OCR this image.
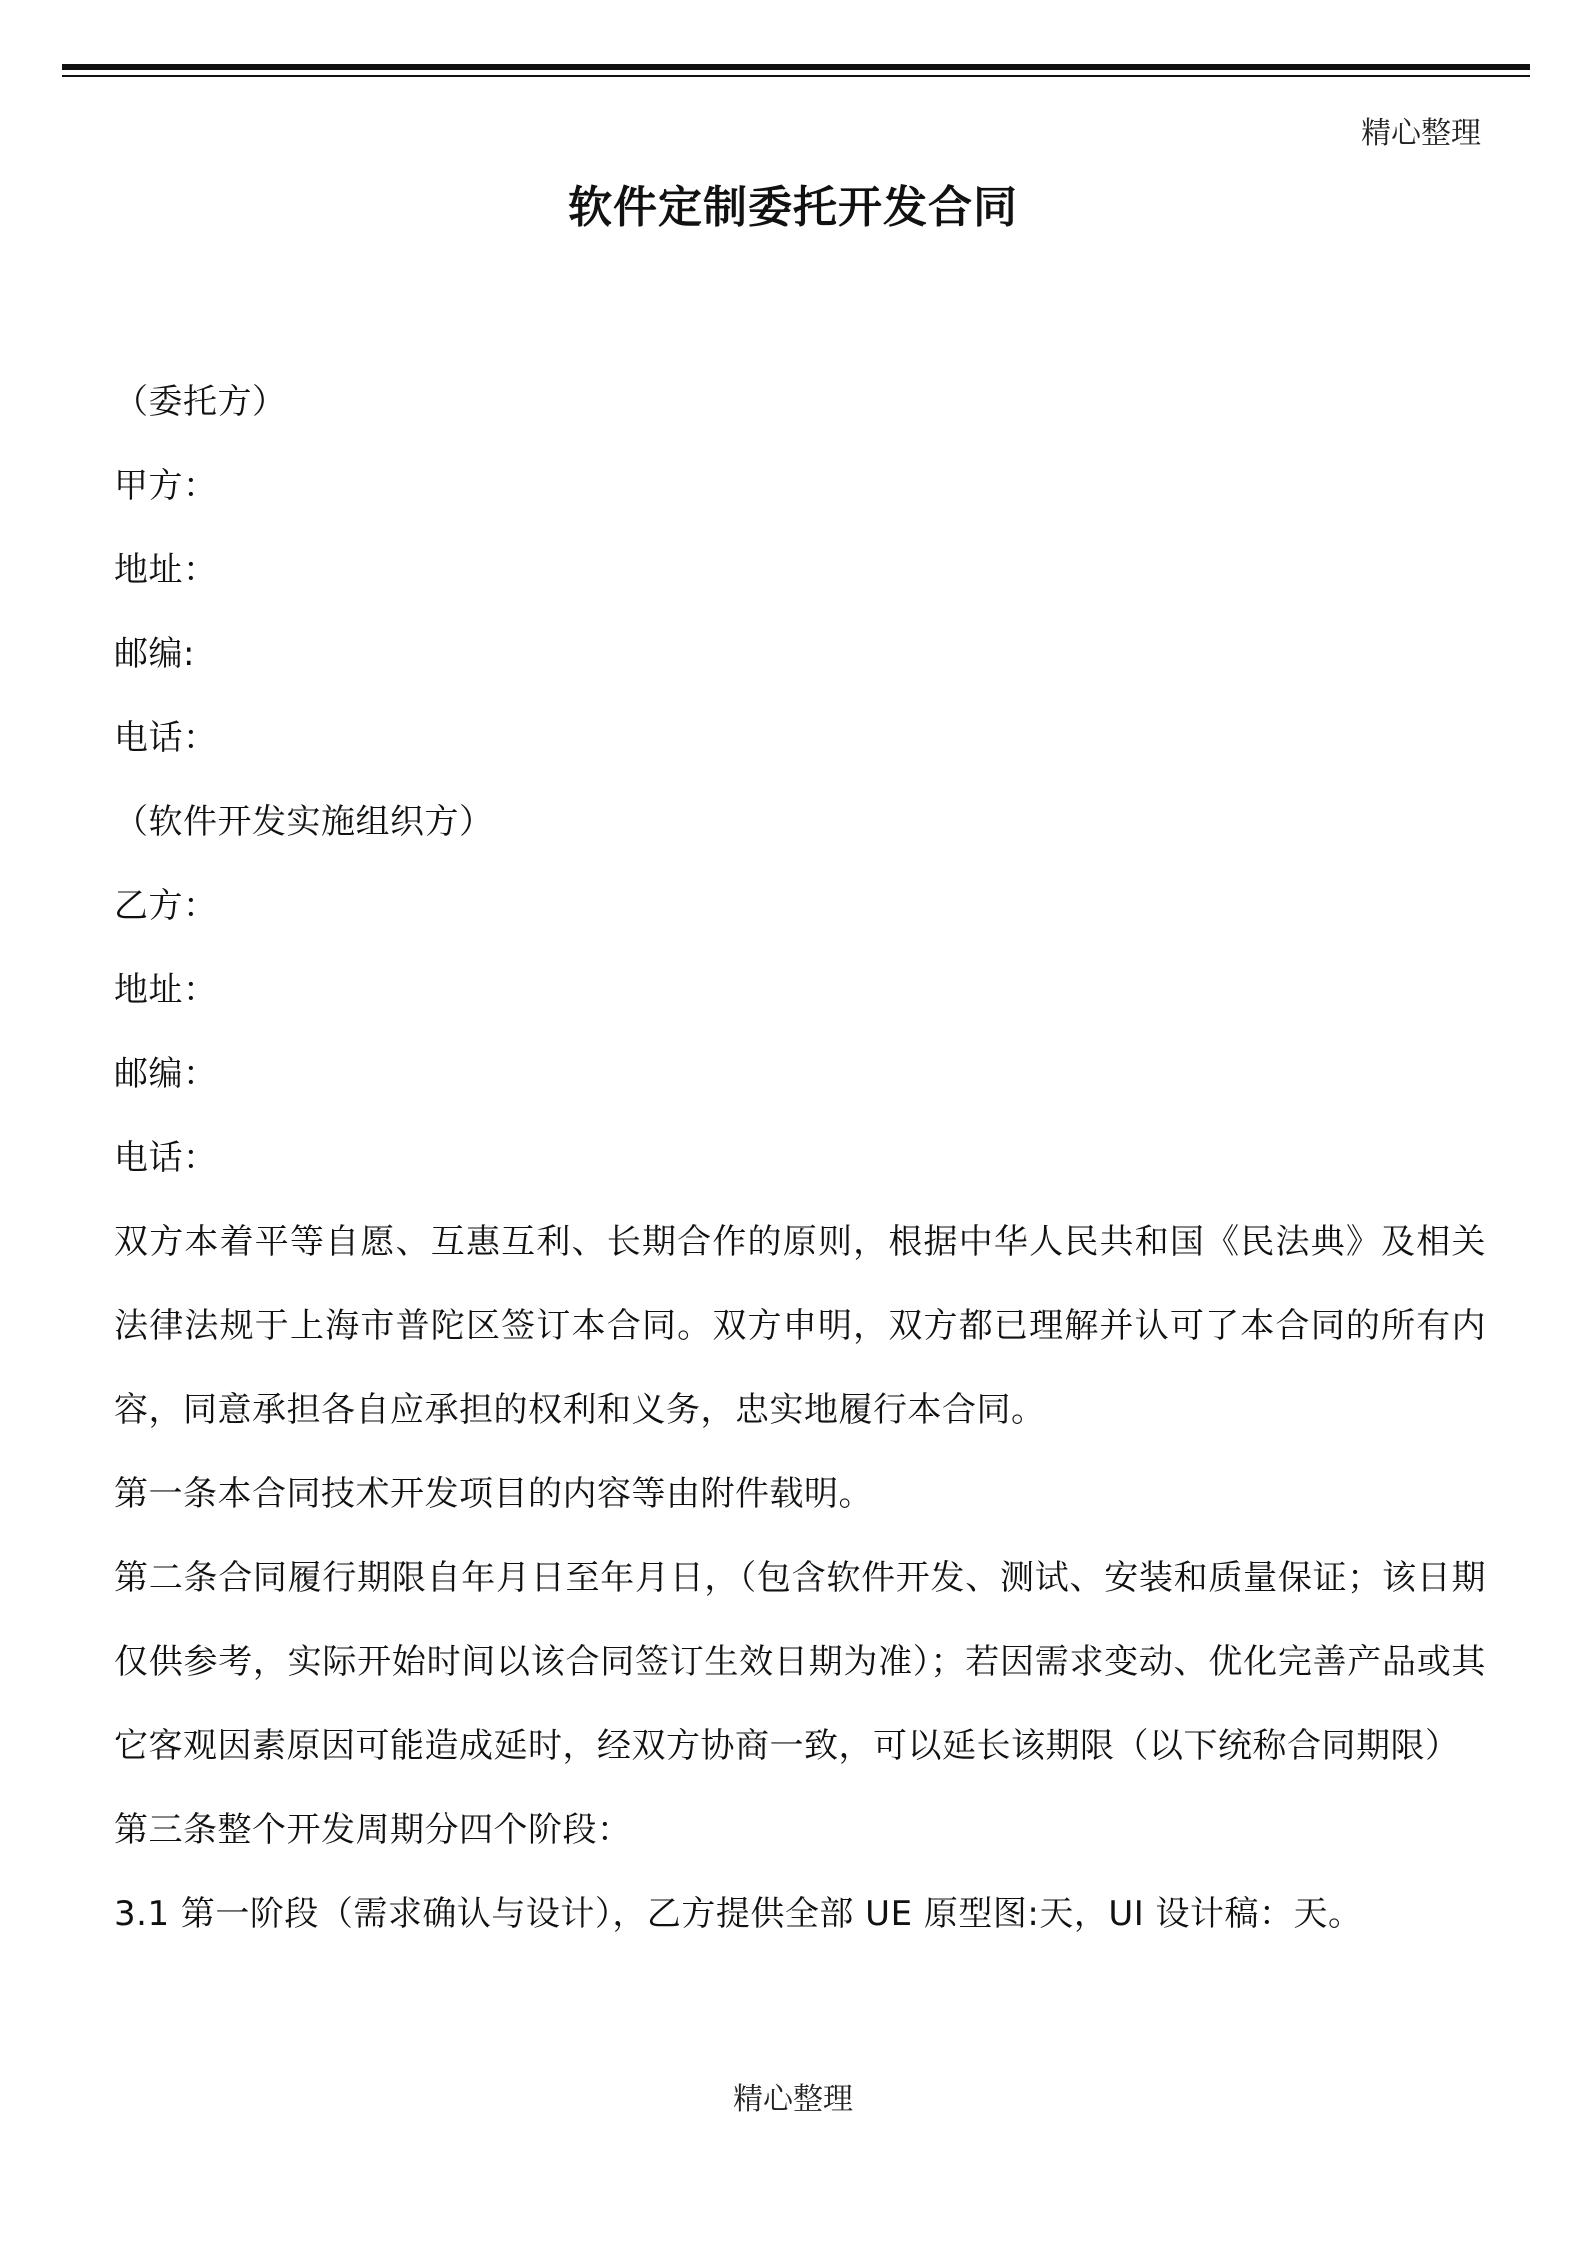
精心整理
软件定制委托开发合同
（委托方）
甲方：
地址：
邮编:
电话：
（软件开发实施组织方）
乙方：
地址：
邮编：
电话：

双方本着平等自愿、互惠互利、长期合作的原则，根据中华人民共和国《民法典》及相关法律法规于上海市普陀区签订本合同。双方申明，双方都已理解并认可了本合同的所有内容，同意承担各自应承担的权利和义务，忠实地履行本合同。

第一条本合同技术开发项目的内容等由附件载明。

第二条合同履行期限自年月日至年月日，（包含软件开发、测试、安装和质量保证；该日期仅供参考，实际开始时间以该合同签订生效日期为准）；若因需求变动、优化完善产品或其它客观因素原因可能造成延时，经双方协商一致，可以延长该期限（以下统称合同期限）

第三条整个开发周期分四个阶段：

3.1 第一阶段（需求确认与设计），乙方提供全部 UE 原型图:天，UI 设计稿：天。

精心整理
